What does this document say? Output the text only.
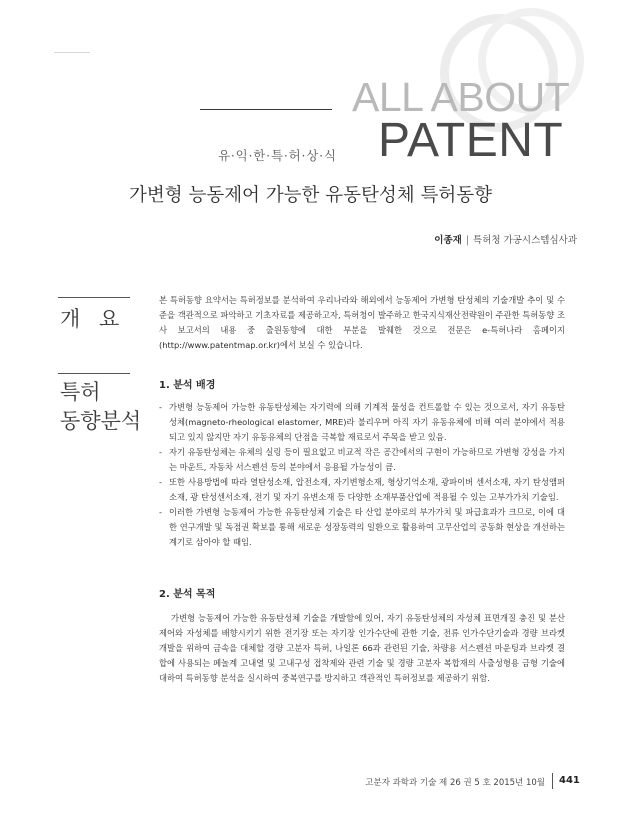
ALL ABOUT
PATENT
유·익·한·특·허·상·식
가변형 능동제어 가능한 유동탄성체 특허동향
이종재 | 특허청 가공시스템심사과
개 요
특허
동향분석
본 특허동향 요약서는 특허정보를 분석하여 우리나라와 해외에서 능동제어 가변형 탄성체의 기술개발 추이 및 수준을 객관적으로 파악하고 기초자료를 제공하고자, 특허청이 발주하고 한국지식재산전략원이 주관한 특허동향 조사 보고서의 내용 중 출원동향에 대한 부분을 발췌한 것으로 전문은 e-특허나라 홈페이지(http://www.patentmap.or.kr)에서 보실 수 있습니다.
1. 분석 배경
- 가변형 능동제어 가능한 유동탄성체는 자기력에 의해 기계적 물성을 컨트롤할 수 있는 것으로서, 자기 유동탄성체(magneto-rheological elastomer, MRE)라 불리우며 아직 자기 유동유체에 비해 여러 분야에서 적용되고 있지 않지만 자기 유동유체의 단점을 극복할 재료로서 주목을 받고 있음.
- 자기 유동탄성체는 유체의 실링 등이 필요없고 비교적 작은 공간에서의 구현이 가능하므로 가변형 강성을 가지는 마운트, 자동차 서스펜션 등의 분야에서 응용될 가능성이 큼.
- 또한 사용방법에 따라 열탄성소재, 압전소재, 자기변형소재, 형상기억소재, 광파이버 센서소재, 자기 탄성앰퍼소재, 광 탄성센서소재, 전기 및 자기 유변소재 등 다양한 소재부품산업에 적용될 수 있는 고부가가치 기술임.
- 이러한 가변형 능동제어 가능한 유동탄성체 기술은 타 산업 분야로의 부가가치 및 파급효과가 크므로, 이에 대한 연구개발 및 독점권 확보를 통해 새로운 성장동력의 일환으로 활용하여 고무산업의 공동화 현상을 개선하는 계기로 삼아야 할 때임.
2. 분석 목적
가변형 능동제어 가능한 유동탄성체 기술을 개발함에 있어, 자기 유동탄성체의 자성체 표면개질 충진 및 분산제어와 자성체를 배향시키기 위한 전기장 또는 자기장 인가수단에 관한 기술, 전류 인가수단기술과 경량 브라켓 개발을 위하여 금속을 대체할 경량 고분자 특허, 나일론 66과 관련된 기술, 차량용 서스펜션 마운팅과 브라켓 결합에 사용되는 페놀계 고내열 및 고내구성 접착제와 관련 기술 및 경량 고분자 복합재의 사출성형용 금형 기술에 대하여 특허동향 분석을 실시하여 중복연구를 방지하고 객관적인 특허정보를 제공하기 위함.
고분자 과학과 기술 제 26 권 5 호 2015년 10월 441
